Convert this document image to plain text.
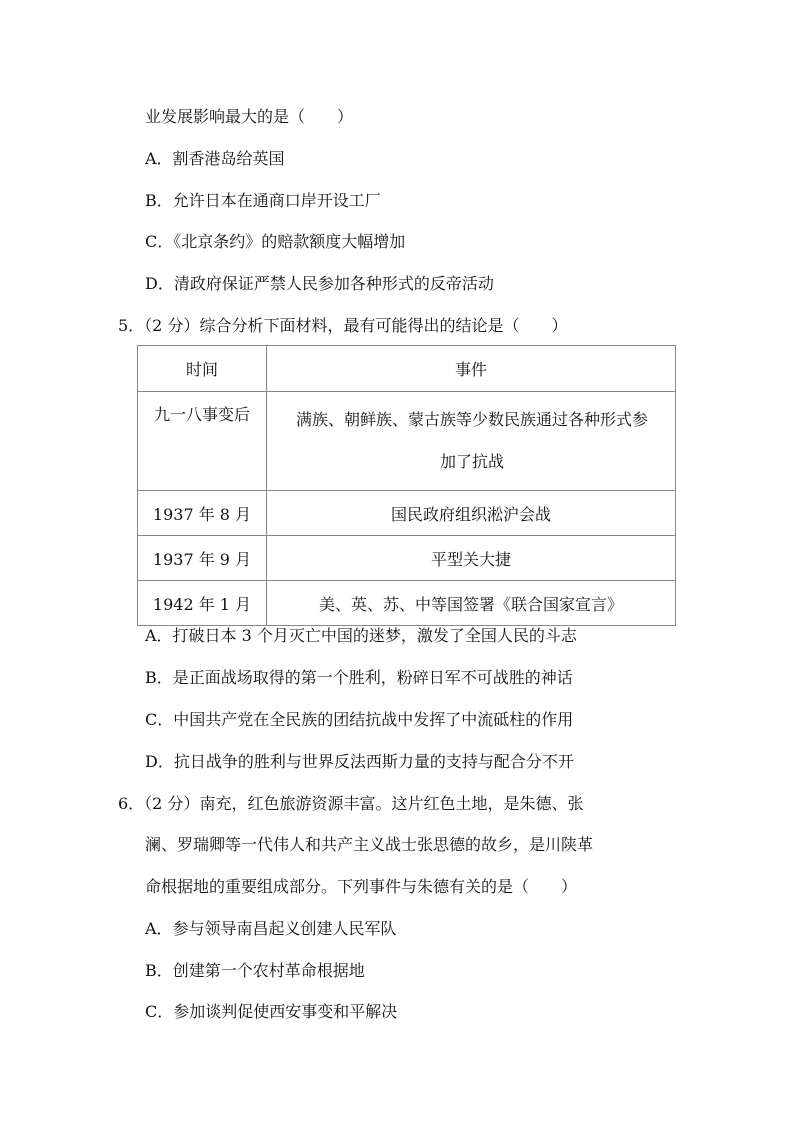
业发展影响最大的是（　　）
A．割香港岛给英国
B．允许日本在通商口岸开设工厂
C．《北京条约》的赔款额度大幅增加
D．清政府保证严禁人民参加各种形式的反帝活动
5．（2 分）综合分析下面材料，最有可能得出的结论是（　　）
时间	事件
九一八事变后	满族、朝鲜族、蒙古族等少数民族通过各种形式参
加了抗战

1937 年 8 月	国民政府组织淞沪会战
1937 年 9 月	平型关大捷
1942 年 1 月	美、英、苏、中等国签署《联合国家宣言》
A．打破日本 3 个月灭亡中国的迷梦，激发了全国人民的斗志
B．是正面战场取得的第一个胜利，粉碎日军不可战胜的神话
C．中国共产党在全民族的团结抗战中发挥了中流砥柱的作用
D．抗日战争的胜利与世界反法西斯力量的支持与配合分不开
6．（2 分）南充，红色旅游资源丰富。这片红色土地，是朱德、张
澜、罗瑞卿等一代伟人和共产主义战士张思德的故乡，是川陕革
命根据地的重要组成部分。下列事件与朱德有关的是（　　）
A．参与领导南昌起义创建人民军队
B．创建第一个农村革命根据地
C．参加谈判促使西安事变和平解决
